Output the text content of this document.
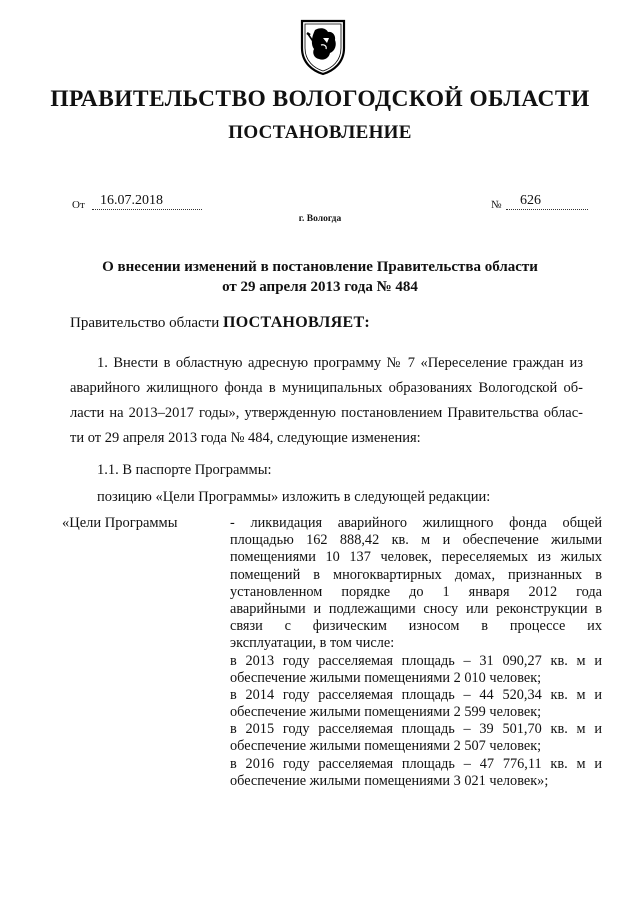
ПРАВИТЕЛЬСТВО ВОЛОГОДСКОЙ ОБЛАСТИ
ПОСТАНОВЛЕНИЕ
От	16.07.2018	№	626
г. Вологда
О внесении изменений в постановление Правительства области
от 29 апреля 2013 года № 484
Правительство области ПОСТАНОВЛЯЕТ:
1. Внести в областную адресную программу № 7 «Переселение граждан из
аварийного жилищного фонда в муниципальных образованиях Вологодской об-
ласти на 2013–2017 годы», утвержденную постановлением Правительства облас-
ти от 29 апреля 2013 года № 484, следующие изменения:
1.1. В паспорте Программы:
позицию «Цели Программы» изложить в следующей редакции:
«Цели Программы	- ликвидация аварийного жилищного фонда общей
площадью 162 888,42 кв. м и обеспечение жилыми
помещениями 10 137 человек, переселяемых из жилых
помещений в многоквартирных домах, признанных в
установленном порядке до 1 января 2012 года
аварийными и подлежащими сносу или реконструкции в
связи с физическим износом в процессе их
эксплуатации, в том числе:
в 2013 году расселяемая площадь – 31 090,27 кв. м и
обеспечение жилыми помещениями 2 010 человек;
в 2014 году расселяемая площадь – 44 520,34 кв. м и
обеспечение жилыми помещениями 2 599 человек;
в 2015 году расселяемая площадь – 39 501,70 кв. м и
обеспечение жилыми помещениями 2 507 человек;
в 2016 году расселяемая площадь – 47 776,11 кв. м и
обеспечение жилыми помещениями 3 021 человек»;
